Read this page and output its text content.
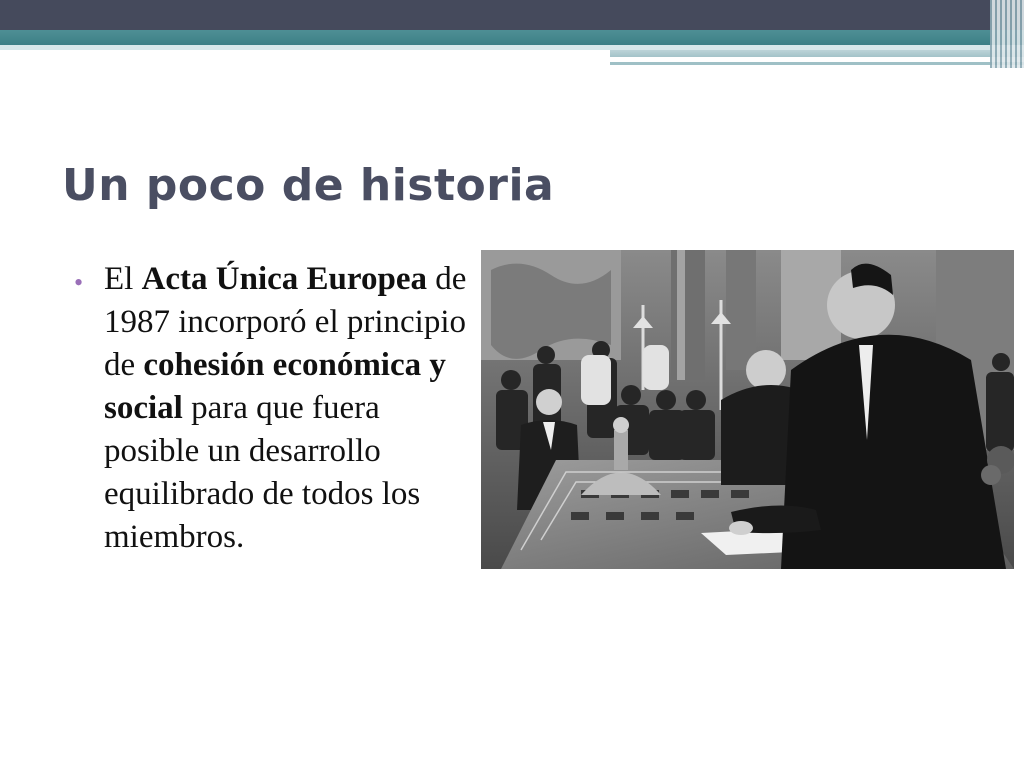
Un poco de historia
• El Acta Única Europea de 1987 incorporó el principio de cohesión económica y social para que fuera posible un desarrollo equilibrado de todos los miembros.
